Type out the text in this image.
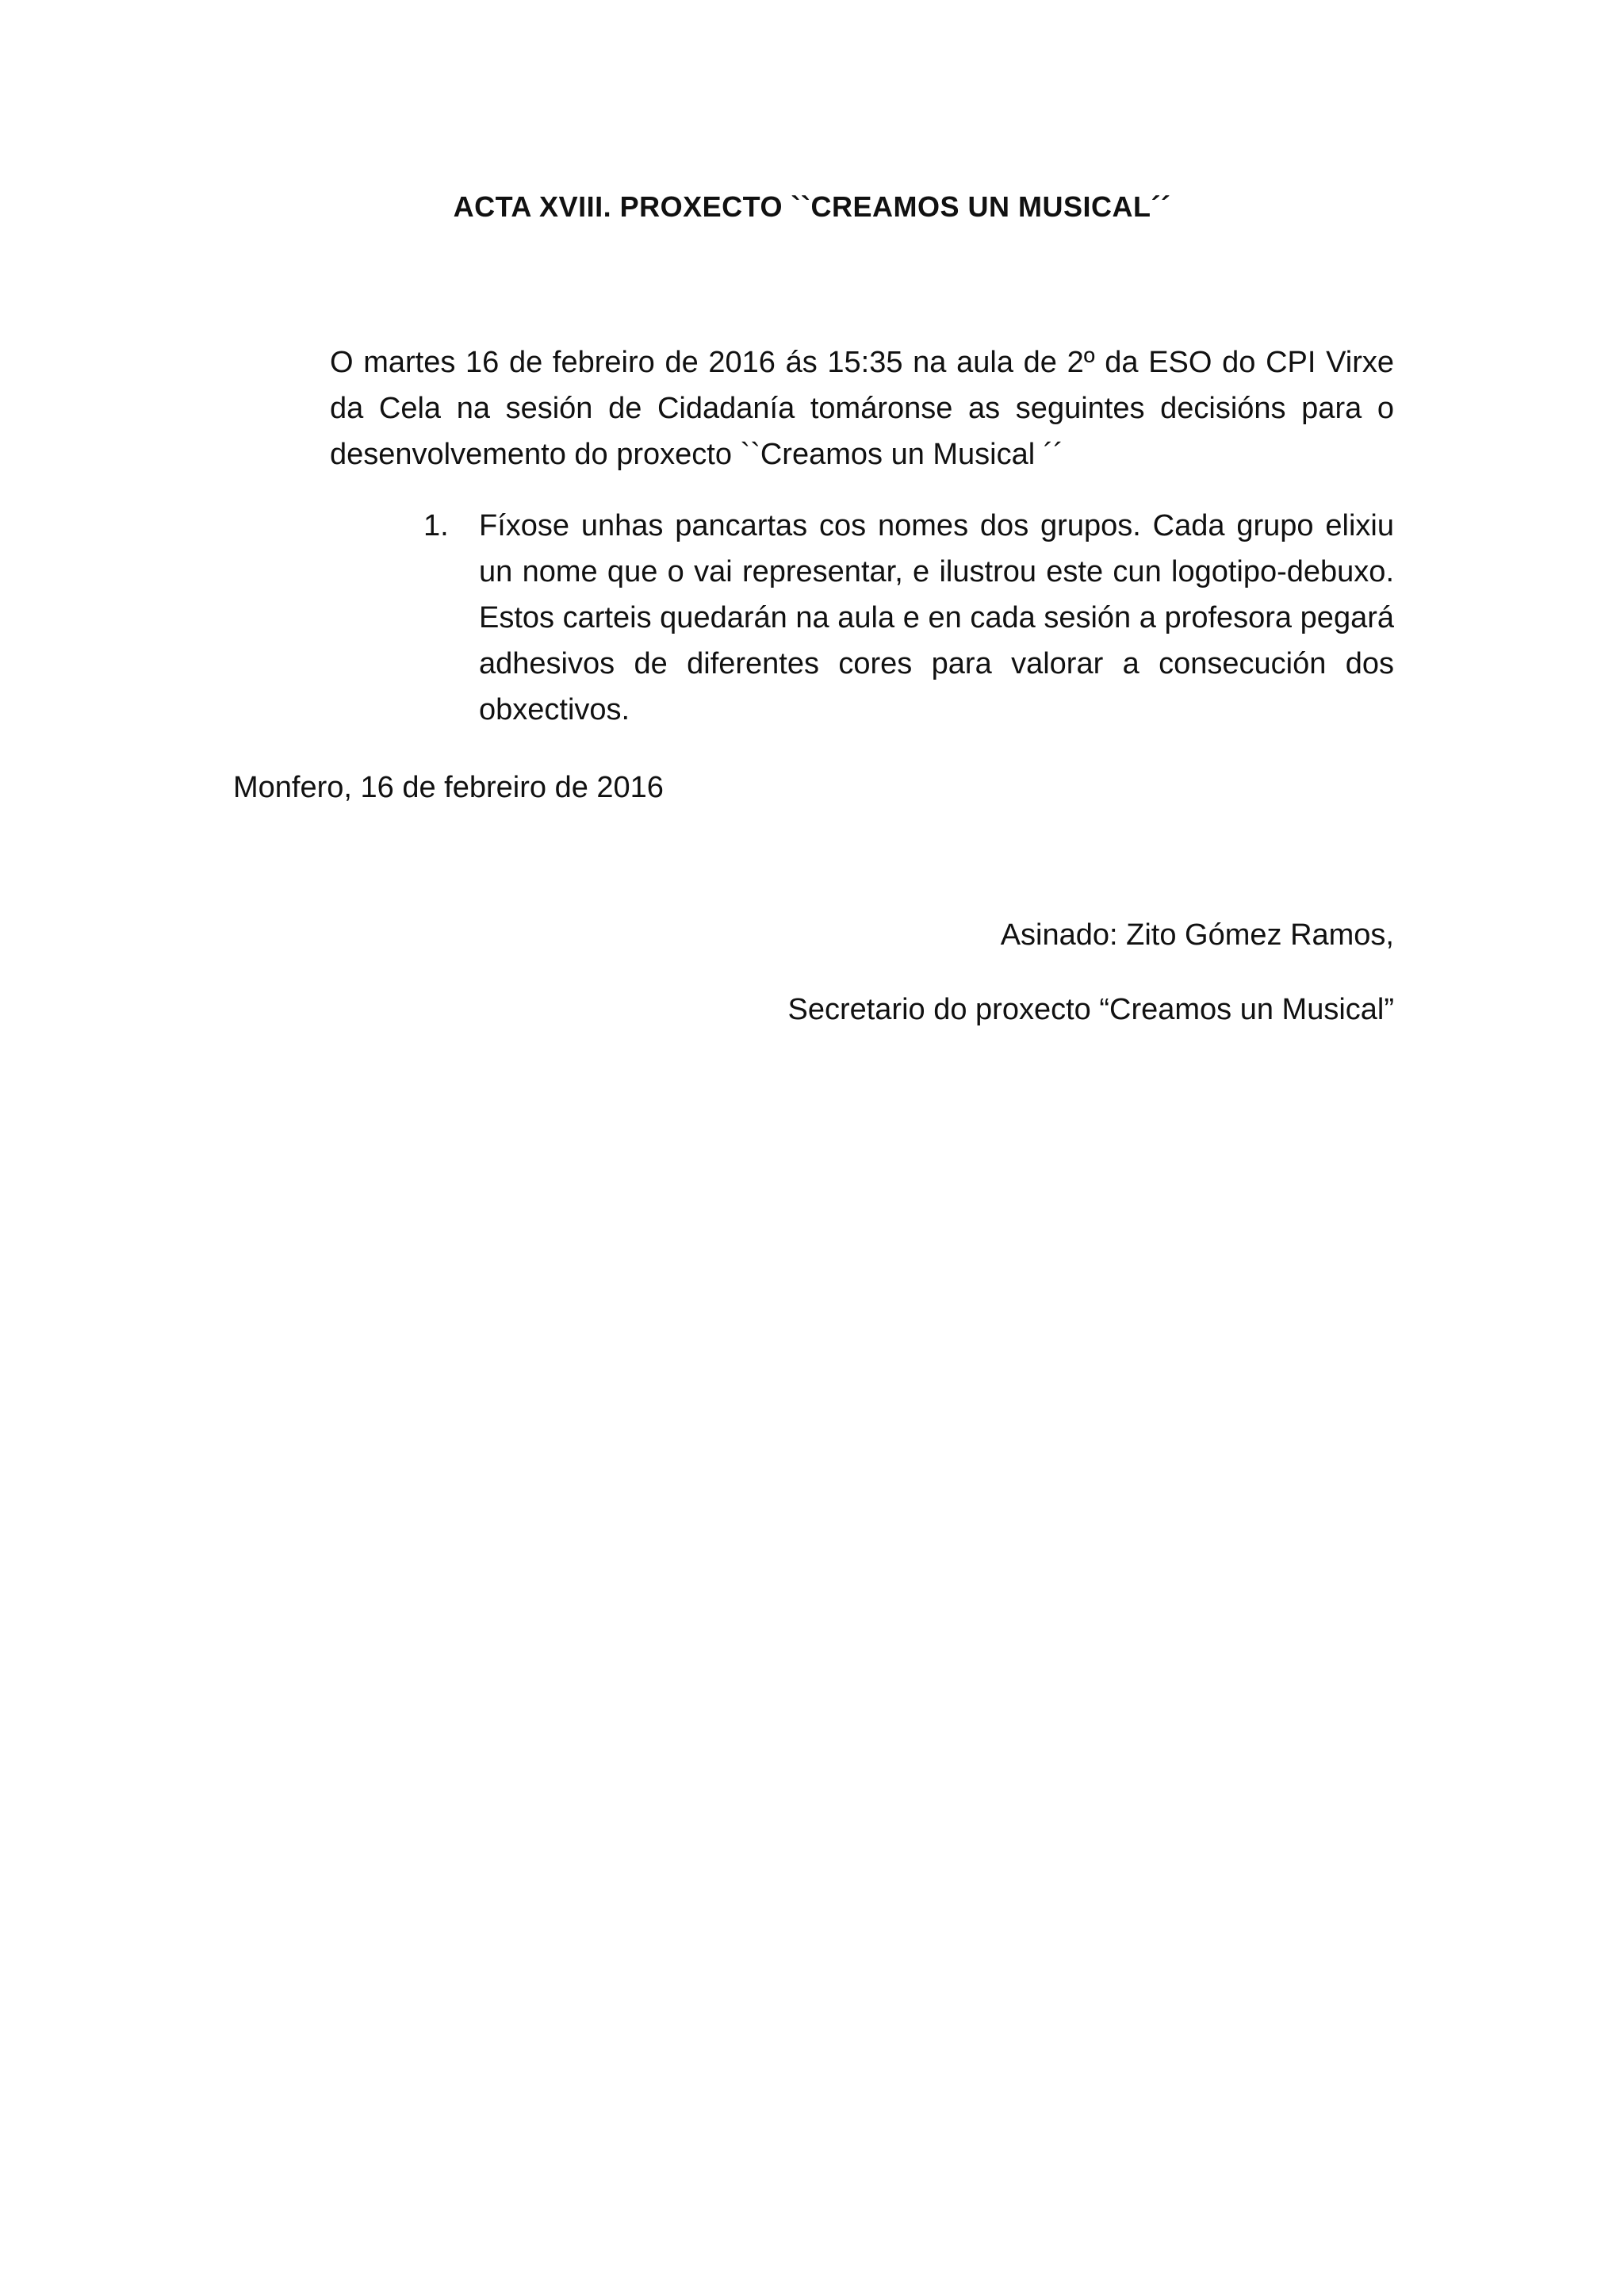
ACTA XVIII. PROXECTO ``CREAMOS UN MUSICAL´´

O martes 16 de febreiro de 2016 ás 15:35 na aula de 2º da ESO do CPI Virxe da Cela na sesión de Cidadanía tomáronse as seguintes decisións para o desenvolvemento do proxecto ``Creamos un Musical ´´

1. Fíxose unhas pancartas cos nomes dos grupos. Cada grupo elixiu un nome que o vai representar, e ilustrou este cun logotipo-debuxo. Estos carteis quedarán na aula e en cada sesión a profesora pegará adhesivos de diferentes cores para valorar a consecución dos obxectivos.

Monfero, 16 de febreiro de 2016

Asinado: Zito Gómez Ramos,

Secretario do proxecto “Creamos un Musical”
